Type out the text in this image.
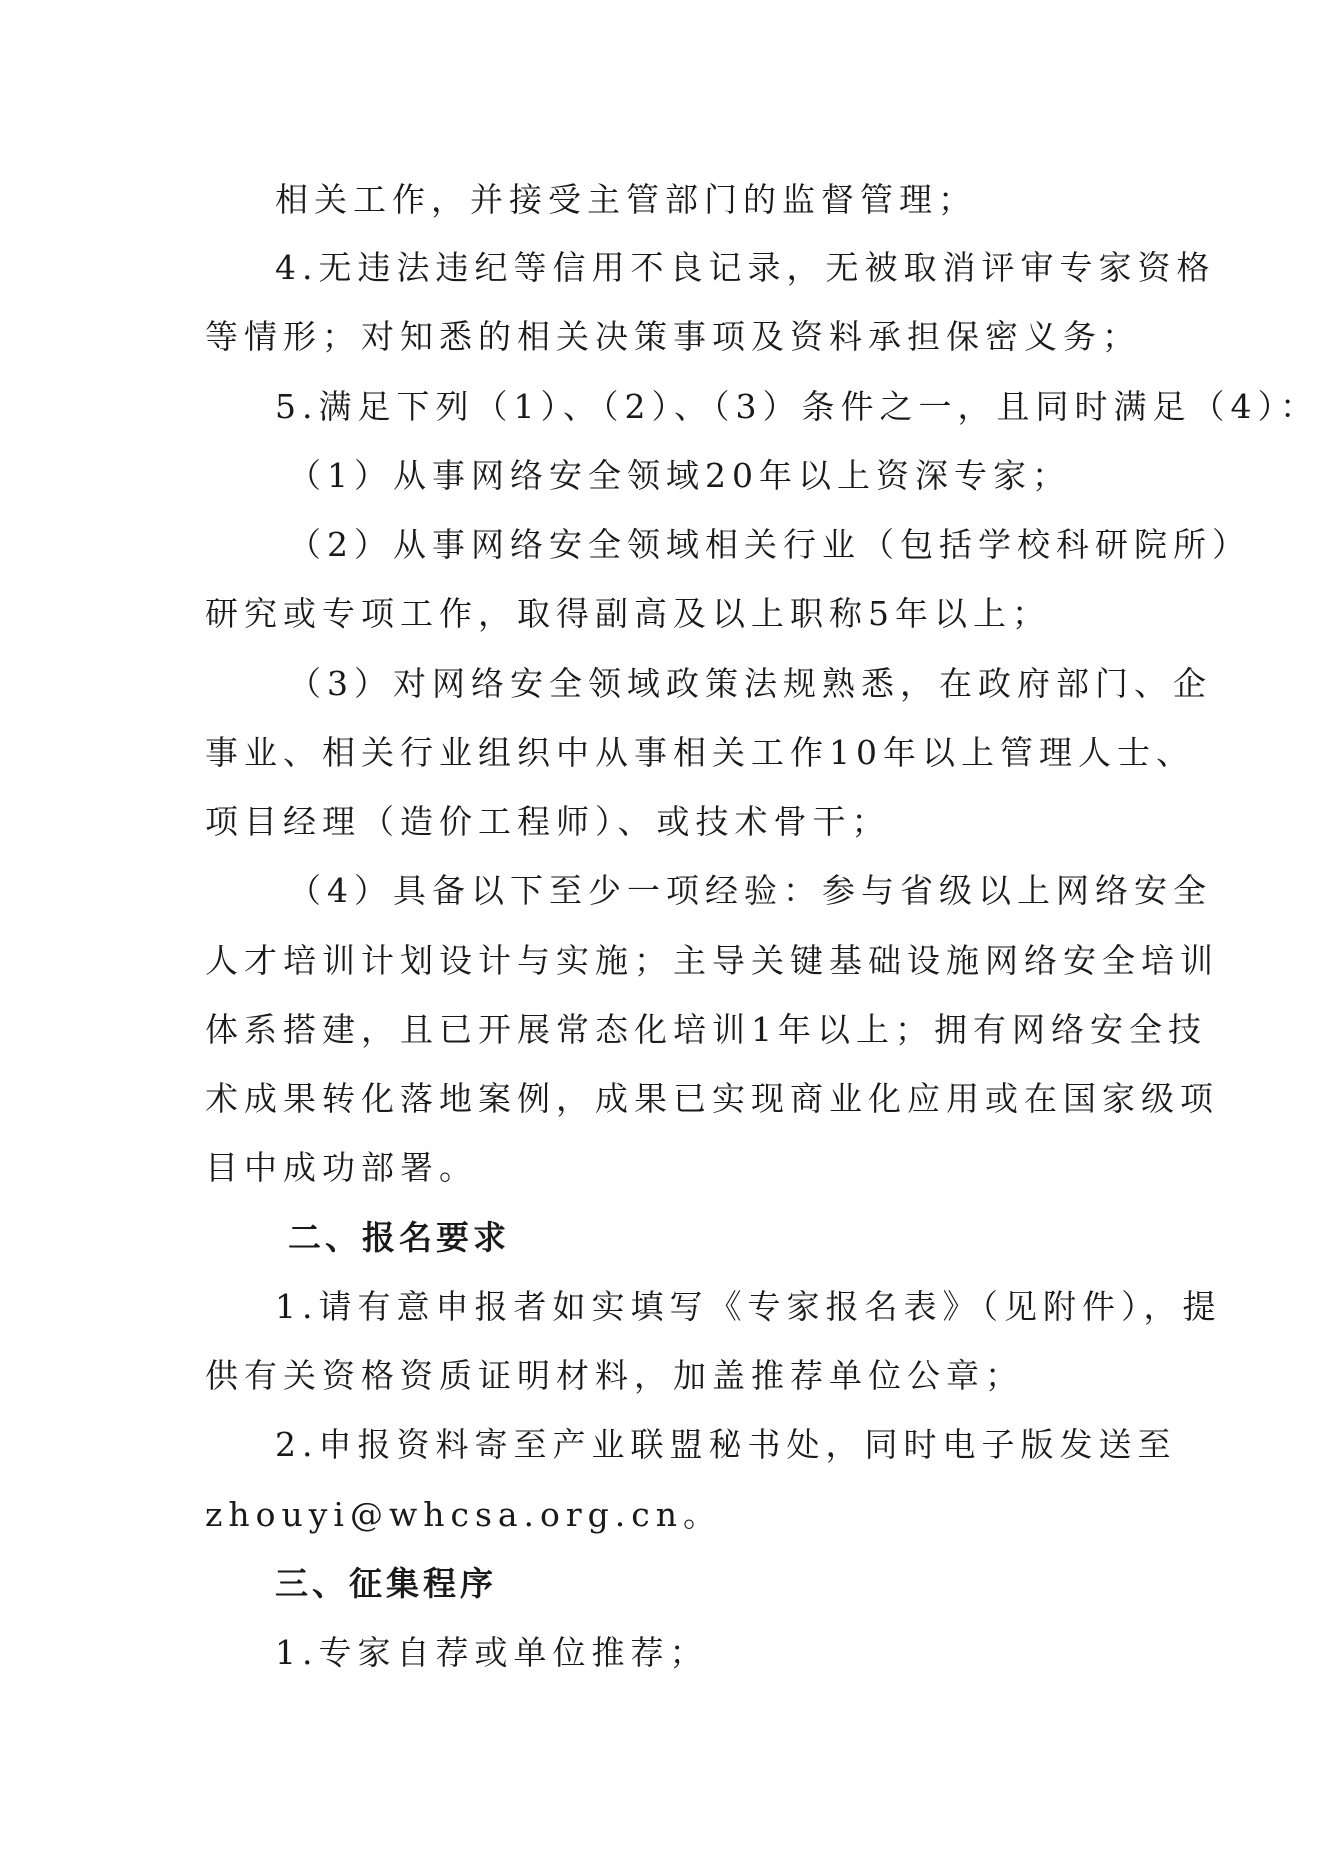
相关工作，并接受主管部门的监督管理；
4.无违法违纪等信用不良记录，无被取消评审专家资格
等情形；对知悉的相关决策事项及资料承担保密义务；
5.满足下列（1）、（2）、（3）条件之一，且同时满足（4）：
（1）从事网络安全领域20年以上资深专家；
（2）从事网络安全领域相关行业（包括学校科研院所）
研究或专项工作，取得副高及以上职称5年以上；
（3）对网络安全领域政策法规熟悉，在政府部门、企
事业、相关行业组织中从事相关工作10年以上管理人士、
项目经理（造价工程师）、或技术骨干；
（4）具备以下至少一项经验：参与省级以上网络安全
人才培训计划设计与实施；主导关键基础设施网络安全培训
体系搭建，且已开展常态化培训1年以上；拥有网络安全技
术成果转化落地案例，成果已实现商业化应用或在国家级项
目中成功部署。
二、报名要求
1.请有意申报者如实填写《专家报名表》（见附件），提
供有关资格资质证明材料，加盖推荐单位公章；
2.申报资料寄至产业联盟秘书处，同时电子版发送至
zhouyi@whcsa.org.cn。
三、征集程序
1.专家自荐或单位推荐；
